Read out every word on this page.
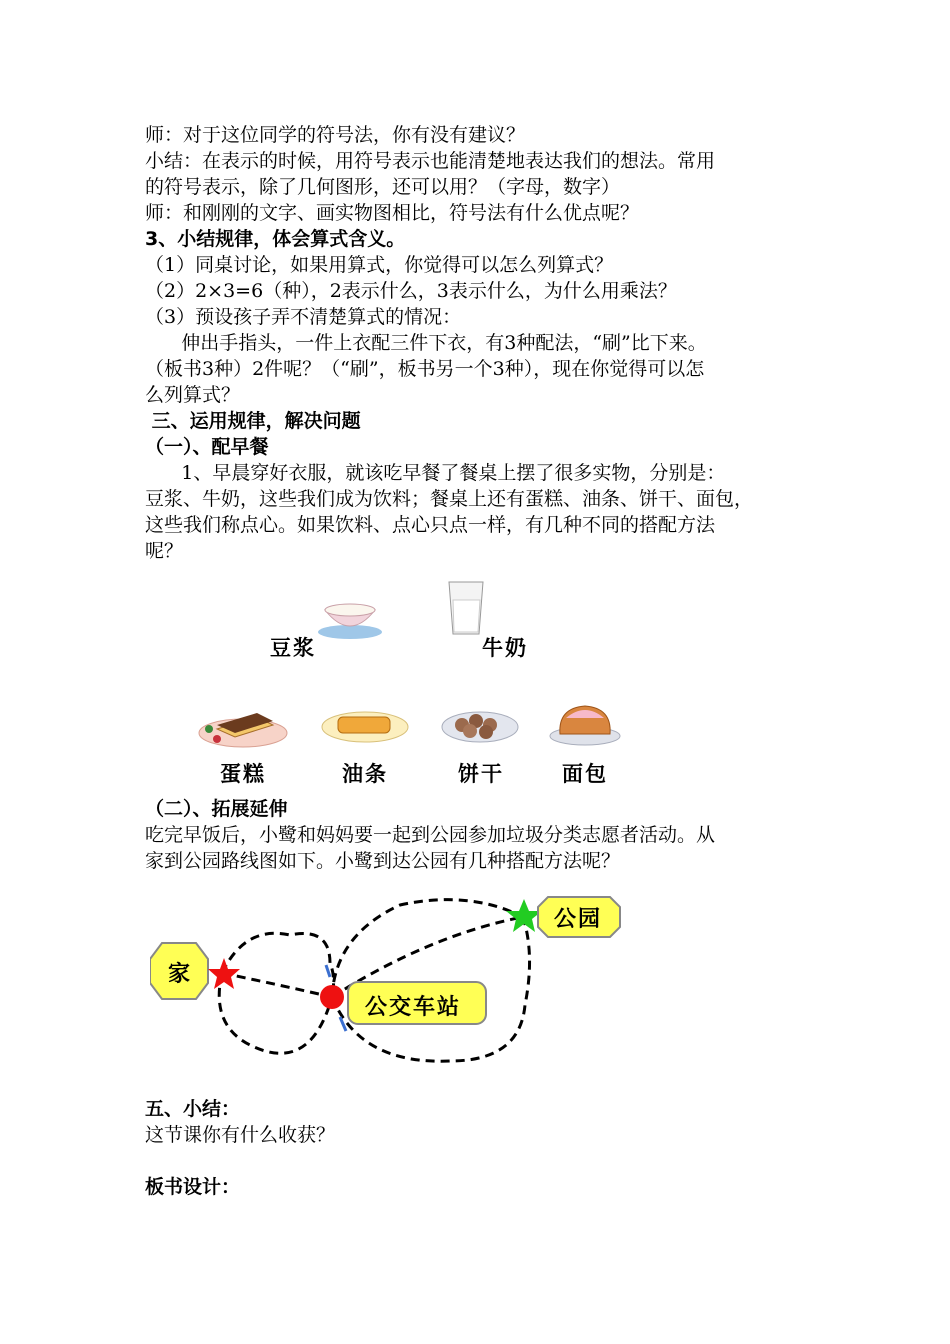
师：对于这位同学的符号法，你有没有建议？
小结：在表示的时候，用符号表示也能清楚地表达我们的想法。常用
的符号表示，除了几何图形，还可以用？（字母，数字）
师：和刚刚的文字、画实物图相比，符号法有什么优点呢？
3、小结规律，体会算式含义。
（1）同桌讨论，如果用算式，你觉得可以怎么列算式？
（2）2×3=6（种），2表示什么，3表示什么，为什么用乘法？
（3）预设孩子弄不清楚算式的情况：
伸出手指头，一件上衣配三件下衣，有3种配法，“刷”比下来。
（板书3种）2件呢？（“刷”，板书另一个3种），现在你觉得可以怎
么列算式？
三、运用规律，解决问题
（一）、配早餐
1、早晨穿好衣服，就该吃早餐了餐桌上摆了很多实物，分别是：
豆浆、牛奶，这些我们成为饮料；餐桌上还有蛋糕、油条、饼干、面包，
这些我们称点心。如果饮料、点心只点一样，有几种不同的搭配方法
呢？
豆浆	牛奶
蛋糕	油条	饼干	面包
（二）、拓展延伸
吃完早饭后，小鹭和妈妈要一起到公园参加垃圾分类志愿者活动。从
家到公园路线图如下。小鹭到达公园有几种搭配方法呢？
家
公园
公交车站
五、小结：
这节课你有什么收获？
板书设计：
